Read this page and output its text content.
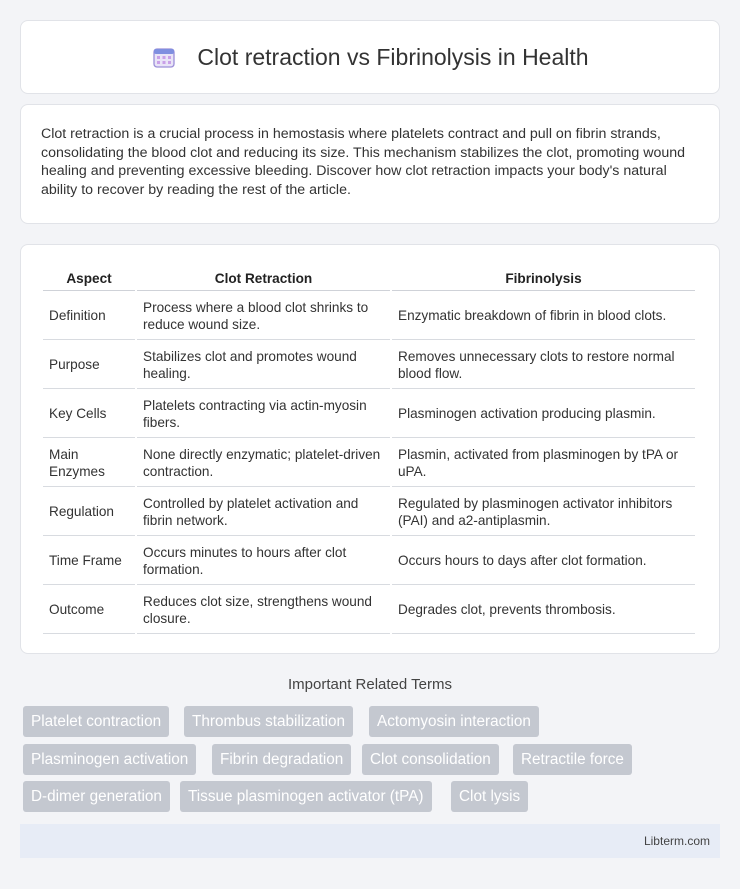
Clot retraction vs Fibrinolysis in Health

Clot retraction is a crucial process in hemostasis where platelets contract and pull on fibrin strands, consolidating the blood clot and reducing its size. This mechanism stabilizes the clot, promoting wound healing and preventing excessive bleeding. Discover how clot retraction impacts your body's natural ability to recover by reading the rest of the article.

Aspect	Clot Retraction	Fibrinolysis
Definition	Process where a blood clot shrinks to reduce wound size.	Enzymatic breakdown of fibrin in blood clots.
Purpose	Stabilizes clot and promotes wound healing.	Removes unnecessary clots to restore normal blood flow.
Key Cells	Platelets contracting via actin-myosin fibers.	Plasminogen activation producing plasmin.
Main Enzymes	None directly enzymatic; platelet-driven contraction.	Plasmin, activated from plasminogen by tPA or uPA.
Regulation	Controlled by platelet activation and fibrin network.	Regulated by plasminogen activator inhibitors (PAI) and a2-antiplasmin.
Time Frame	Occurs minutes to hours after clot formation.	Occurs hours to days after clot formation.
Outcome	Reduces clot size, strengthens wound closure.	Degrades clot, prevents thrombosis.
Important Related Terms
Platelet contraction	Thrombus stabilization	Actomyosin interaction
Plasminogen activation	Fibrin degradation	Clot consolidation	Retractile force
D-dimer generation	Tissue plasminogen activator (tPA)	Clot lysis
Libterm.com
